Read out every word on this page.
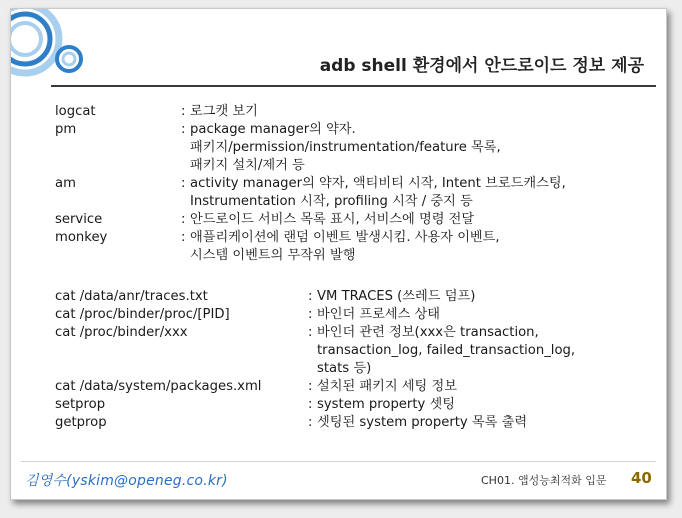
adb shell 환경에서 안드로이드 정보 제공
logcat	: 로그캣 보기
pm	: package manager의 약자.
패키지/permission/instrumentation/feature 목록,
패키지 설치/제거 등
am	: activity manager의 약자, 액티비티 시작, Intent 브로드캐스팅,
Instrumentation 시작, profiling 시작 / 중지 등
service	: 안드로이드 서비스 목록 표시, 서비스에 명령 전달
monkey	: 애플리케이션에 랜덤 이벤트 발생시킴. 사용자 이벤트,
시스템 이벤트의 무작위 발행
cat /data/anr/traces.txt	: VM TRACES (쓰레드 덤프)
cat /proc/binder/proc/[PID]	: 바인더 프로세스 상태
cat /proc/binder/xxx	: 바인더 관련 정보(xxx은 transaction,
transaction_log, failed_transaction_log,
stats 등)
cat /data/system/packages.xml	: 설치된 패키지 세팅 정보
setprop	: system property 셋팅
getprop	: 셋팅된 system property 목록 출력
김영수(yskim@openeg.co.kr)	CH01. 앱성능최적화 입문 40
